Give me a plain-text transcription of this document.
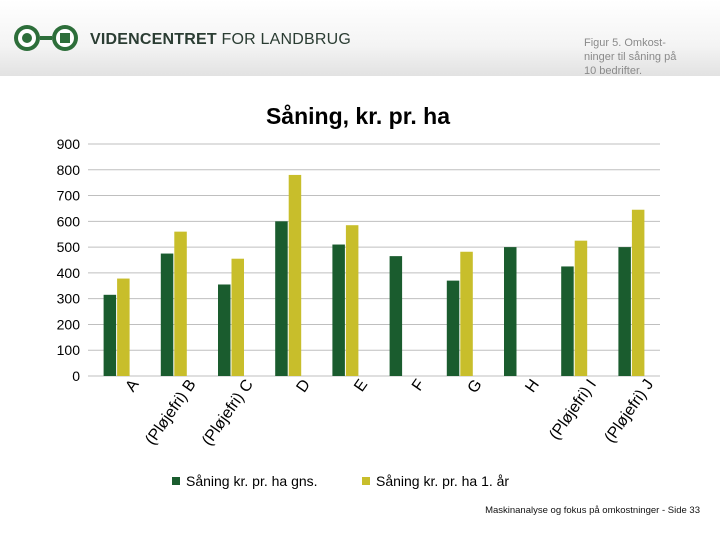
VIDENCENTRET FOR LANDBRUG	Figur 5. Omkost-
ninger til såning på
10 bedrifter.
Såning, kr. pr. ha
0
100
200
300
400
500
600
700
800
900
A (Pløjefri) B (Pløjefri) C D E F G H (Pløjefri) I (Pløjefri) J
Såning kr. pr. ha gns.	Såning kr. pr. ha 1. år
Maskinanalyse og fokus på omkostninger - Side 33
